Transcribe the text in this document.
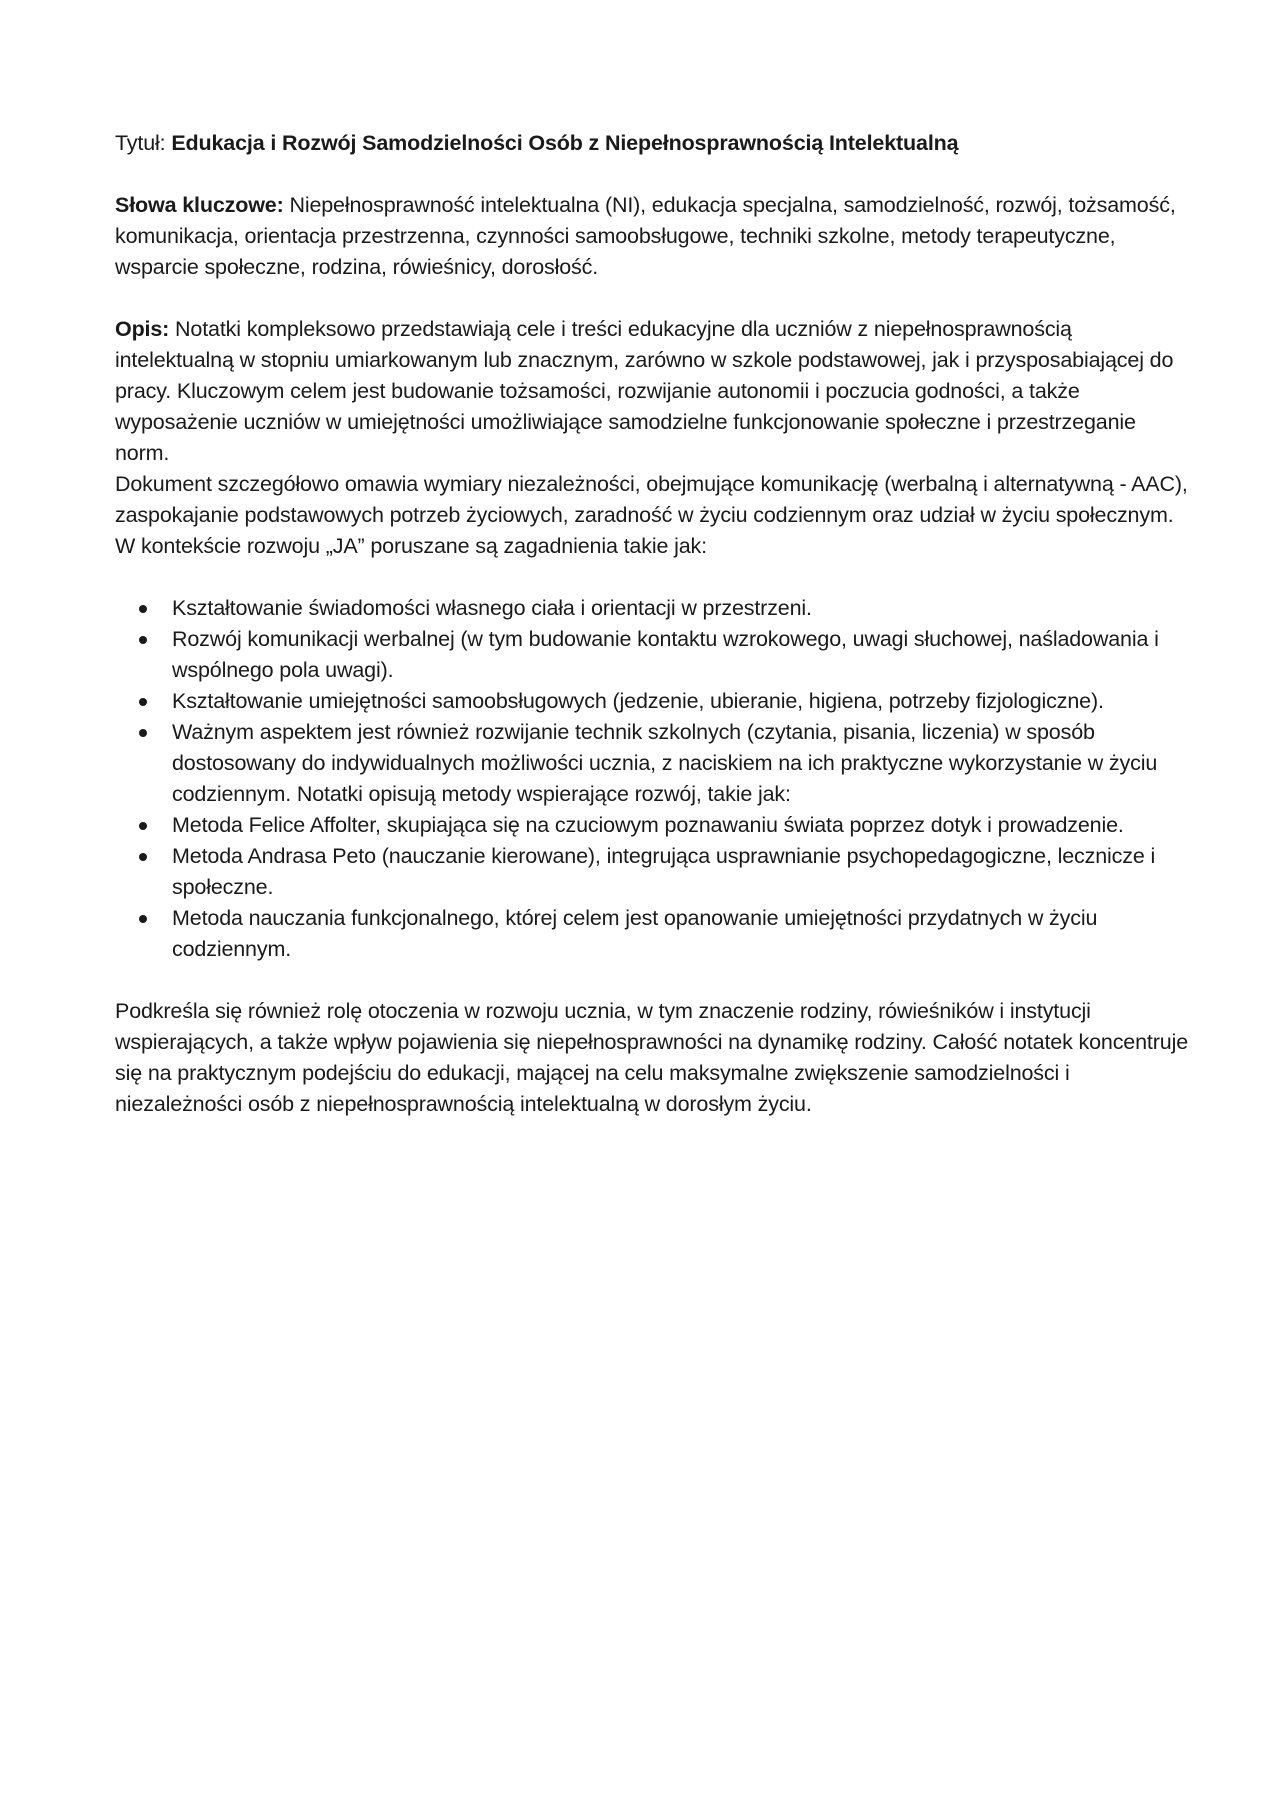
Tytuł: Edukacja i Rozwój Samodzielności Osób z Niepełnosprawnością Intelektualną

Słowa kluczowe: Niepełnosprawność intelektualna (NI), edukacja specjalna, samodzielność, rozwój, tożsamość, komunikacja, orientacja przestrzenna, czynności samoobsługowe, techniki szkolne, metody terapeutyczne, wsparcie społeczne, rodzina, rówieśnicy, dorosłość.

Opis: Notatki kompleksowo przedstawiają cele i treści edukacyjne dla uczniów z niepełnosprawnością intelektualną w stopniu umiarkowanym lub znacznym, zarówno w szkole podstawowej, jak i przysposabiającej do pracy. Kluczowym celem jest budowanie tożsamości, rozwijanie autonomii i poczucia godności, a także wyposażenie uczniów w umiejętności umożliwiające samodzielne funkcjonowanie społeczne i przestrzeganie norm.

Dokument szczegółowo omawia wymiary niezależności, obejmujące komunikację (werbalną i alternatywną - AAC), zaspokajanie podstawowych potrzeb życiowych, zaradność w życiu codziennym oraz udział w życiu społecznym. W kontekście rozwoju „JA” poruszane są zagadnienia takie jak:

Kształtowanie świadomości własnego ciała i orientacji w przestrzeni.
Rozwój komunikacji werbalnej (w tym budowanie kontaktu wzrokowego, uwagi słuchowej, naśladowania i wspólnego pola uwagi).
Kształtowanie umiejętności samoobsługowych (jedzenie, ubieranie, higiena, potrzeby fizjologiczne).
Ważnym aspektem jest również rozwijanie technik szkolnych (czytania, pisania, liczenia) w sposób dostosowany do indywidualnych możliwości ucznia, z naciskiem na ich praktyczne wykorzystanie w życiu codziennym. Notatki opisują metody wspierające rozwój, takie jak:
Metoda Felice Affolter, skupiająca się na czuciowym poznawaniu świata poprzez dotyk i prowadzenie.
Metoda Andrasa Peto (nauczanie kierowane), integrująca usprawnianie psychopedagogiczne, lecznicze i społeczne.
Metoda nauczania funkcjonalnego, której celem jest opanowanie umiejętności przydatnych w życiu codziennym.

Podkreśla się również rolę otoczenia w rozwoju ucznia, w tym znaczenie rodziny, rówieśników i instytucji wspierających, a także wpływ pojawienia się niepełnosprawności na dynamikę rodziny. Całość notatek koncentruje się na praktycznym podejściu do edukacji, mającej na celu maksymalne zwiększenie samodzielności i niezależności osób z niepełnosprawnością intelektualną w dorosłym życiu.
